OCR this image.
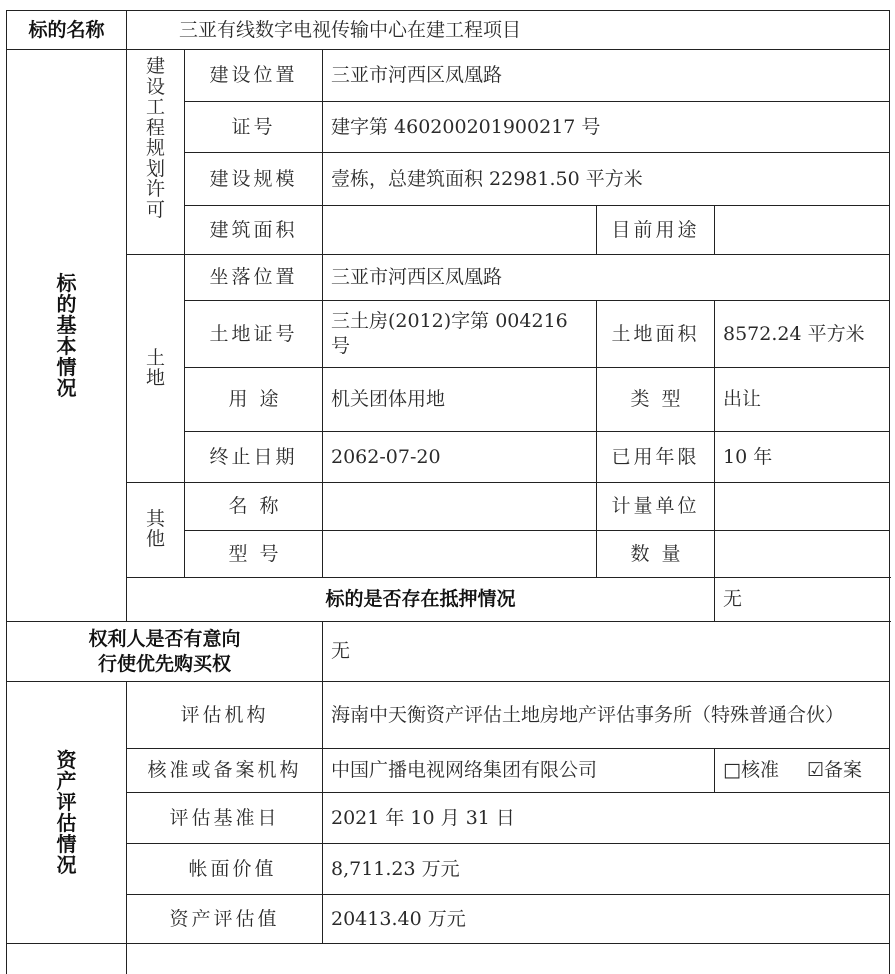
标的名称	三亚有线数字电视传输中心在建工程项目				

标的基本情况	建设工程规划许可	建设位置	三亚市河西区凤凰路		
		证号	建字第 460200201900217 号		
		建设规模	壹栋，总建筑面积 22981.50 平方米		
		建筑面积		目前用途	

	土地	坐落位置	三亚市河西区凤凰路		
		土地证号	三土房(2012)字第 004216 号	土地面积	8572.24 平方米
		用  途	机关团体用地	类  型	出让
		终止日期	2062-07-20	已用年限	10 年

	其他	名  称		计量单位	
		型  号		数  量	
	标的是否存在抵押情况				无

权利人是否有意向
行使优先购买权			无		

资产评估情况	评估机构		海南中天衡资产评估土地房地产评估事务所（特殊普通合伙）		
	核准或备案机构		中国广播电视网络集团有限公司		□核准 ☑备案
	评估基准日		2021 年 10 月 31 日		
	帐面价值		8,711.23 万元		
	资产评估值		20413.40 万元		
